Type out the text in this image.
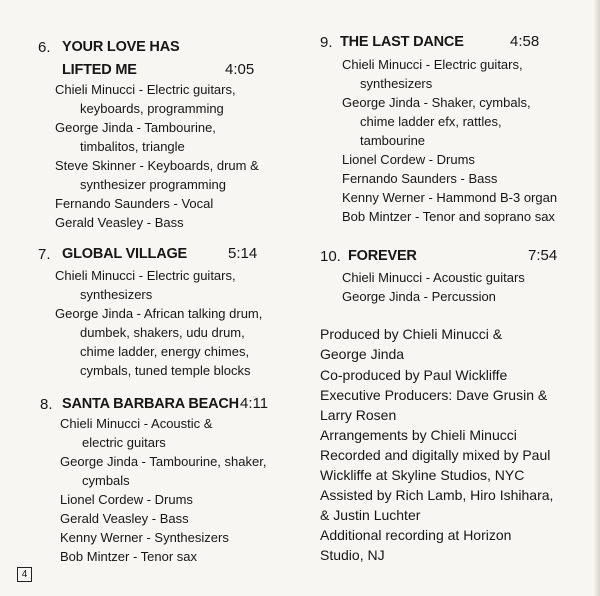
6. YOUR LOVE HAS
LIFTED ME	4:05
Chieli Minucci - Electric guitars,
keyboards, programming
George Jinda - Tambourine,
timbalitos, triangle
Steve Skinner - Keyboards, drum &
synthesizer programming
Fernando Saunders - Vocal
Gerald Veasley - Bass
7. GLOBAL VILLAGE	5:14
Chieli Minucci - Electric guitars,
synthesizers
George Jinda - African talking drum,
dumbek, shakers, udu drum,
chime ladder, energy chimes,
cymbals, tuned temple blocks
8. SANTA BARBARA BEACH 4:11
Chieli Minucci - Acoustic &
electric guitars
George Jinda - Tambourine, shaker,
cymbals
Lionel Cordew - Drums
Gerald Veasley - Bass
Kenny Werner - Synthesizers
Bob Mintzer - Tenor sax
9. THE LAST DANCE	4:58
Chieli Minucci - Electric guitars,
synthesizers
George Jinda - Shaker, cymbals,
chime ladder efx, rattles,
tambourine
Lionel Cordew - Drums
Fernando Saunders - Bass
Kenny Werner - Hammond B-3 organ
Bob Mintzer - Tenor and soprano sax
10. FOREVER	7:54
Chieli Minucci - Acoustic guitars
George Jinda - Percussion
Produced by Chieli Minucci &
George Jinda
Co-produced by Paul Wickliffe
Executive Producers: Dave Grusin &
Larry Rosen
Arrangements by Chieli Minucci
Recorded and digitally mixed by Paul
Wickliffe at Skyline Studios, NYC
Assisted by Rich Lamb, Hiro Ishihara,
& Justin Luchter
Additional recording at Horizon
Studio, NJ
4
